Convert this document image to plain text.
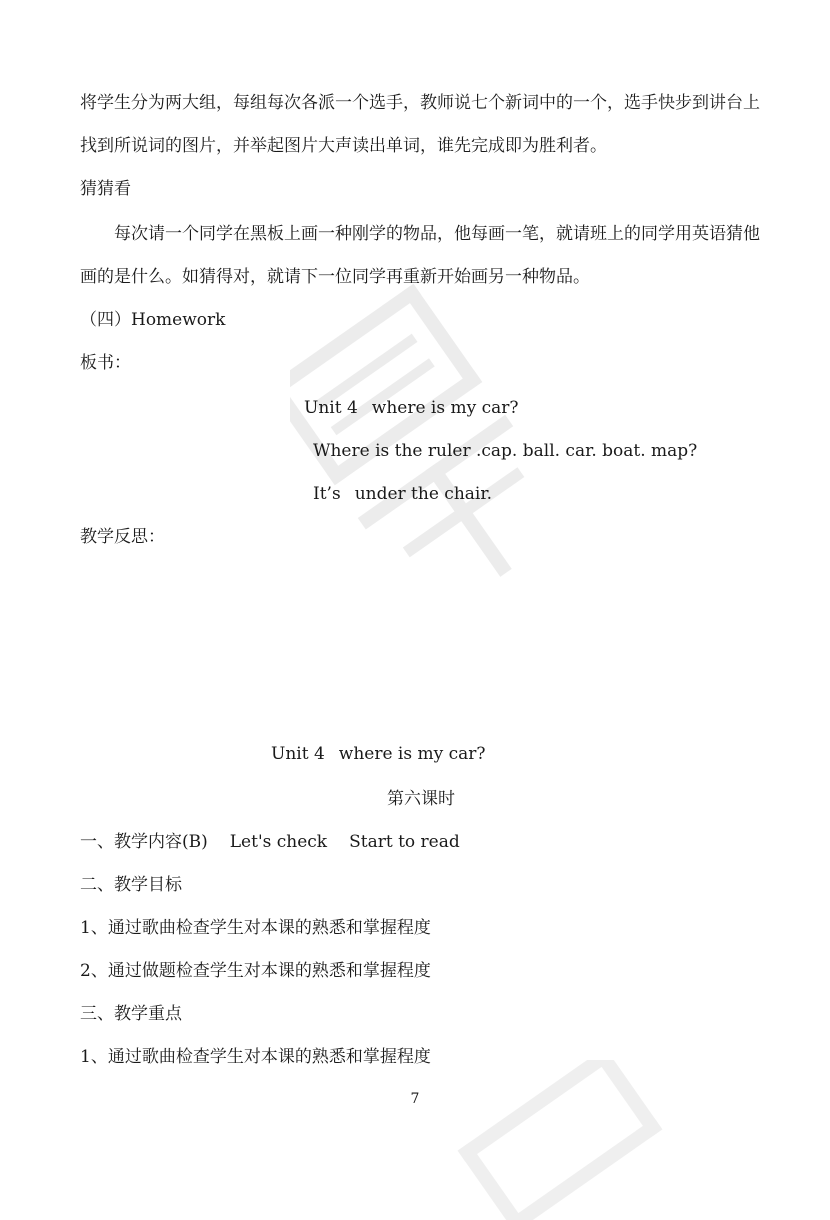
将学生分为两大组，每组每次各派一个选手，教师说七个新词中的一个，选手快步到讲台上
找到所说词的图片，并举起图片大声读出单词，谁先完成即为胜利者。
猜猜看
每次请一个同学在黑板上画一种刚学的物品，他每画一笔，就请班上的同学用英语猜他
画的是什么。如猜得对，就请下一位同学再重新开始画另一种物品。
（四）Homework
板书：
Unit 4 where is my car?
Where is the ruler .cap. ball. car. boat. map?
It’s under the chair.
教学反思：
Unit 4 where is my car?
第六课时
一、教学内容(B) Let's check Start to read
二、教学目标
1、通过歌曲检查学生对本课的熟悉和掌握程度
2、通过做题检查学生对本课的熟悉和掌握程度
三、教学重点
1、通过歌曲检查学生对本课的熟悉和掌握程度
7
